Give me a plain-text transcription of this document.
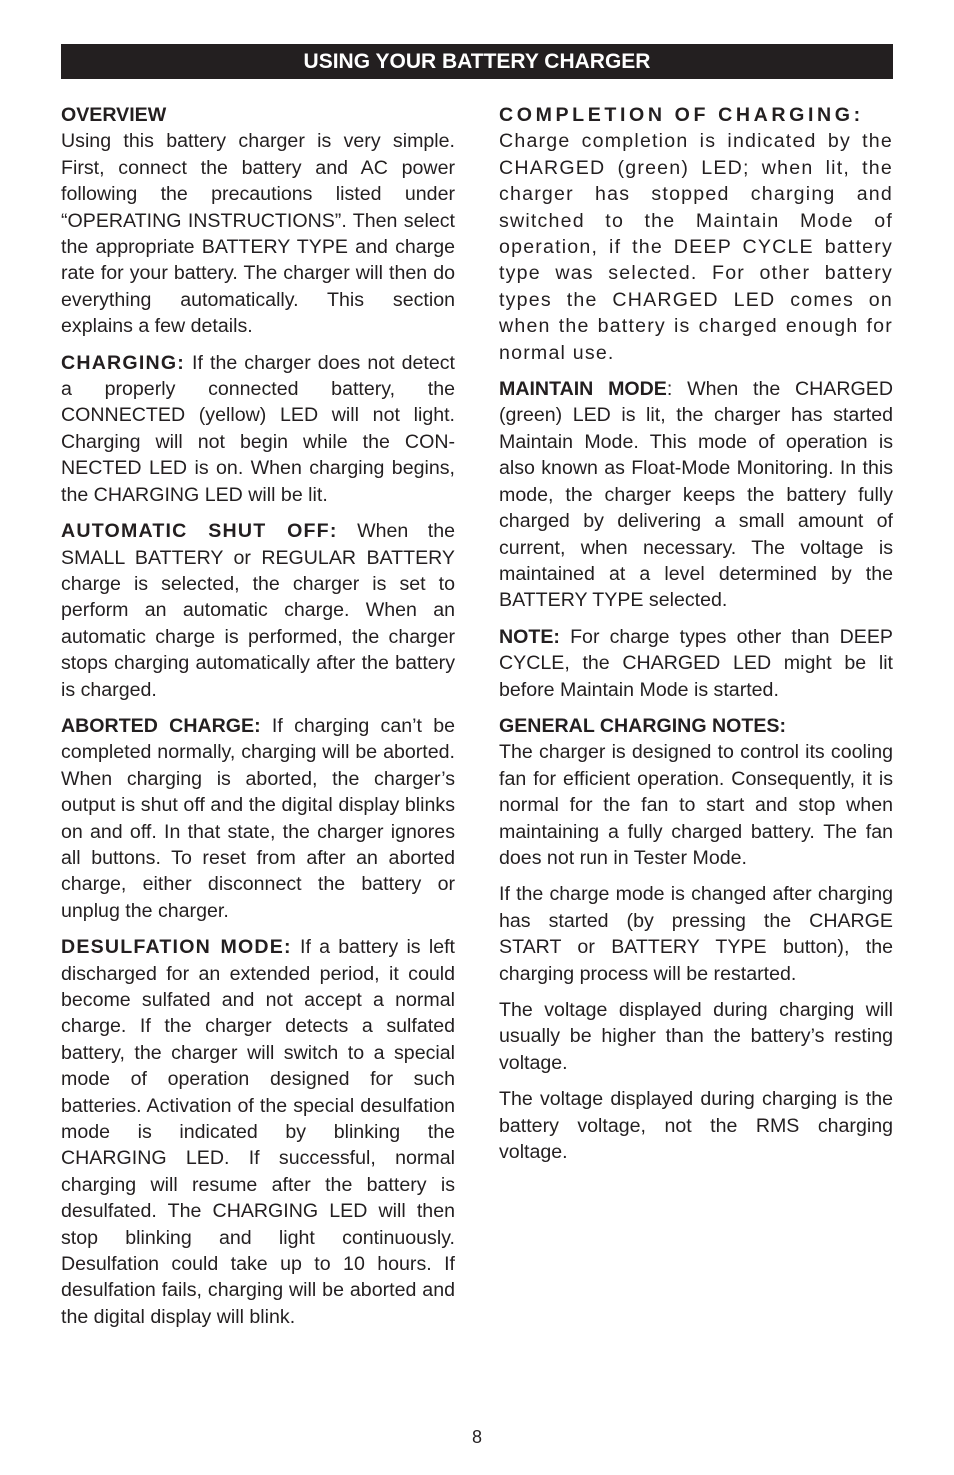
USING YOUR BATTERY CHARGER
OVERVIEW

Using this battery charger is very simple. First, connect the battery and AC power following the precautions listed under “OPERATING INSTRUCTIONS”. Then select the appropriate BATTERY TYPE and charge rate for your battery. The charger will then do everything automatically. This section explains a few details.

CHARGING: If the charger does not detect a properly connected battery, the CONNECTED (yellow) LED will not light. Charging will not begin while the CONNECTED LED is on. When charging begins, the CHARGING LED will be lit.

AUTOMATIC SHUT OFF: When the SMALL BATTERY or REGULAR BATTERY charge is selected, the charger is set to perform an automatic charge. When an automatic charge is performed, the charger stops charging automatically after the battery is charged.

ABORTED CHARGE: If charging can’t be completed normally, charging will be aborted. When charging is aborted, the charger’s output is shut off and the digital display blinks on and off. In that state, the charger ignores all buttons. To reset from after an aborted charge, either disconnect the battery or unplug the charger.

DESULFATION MODE: If a battery is left discharged for an extended period, it could become sulfated and not accept a normal charge. If the charger detects a sulfated battery, the charger will switch to a special mode of operation designed for such batteries. Activation of the special desulfation mode is indicated by blinking the CHARGING LED. If successful, normal charging will resume after the battery is desulfated. The CHARGING LED will then stop blinking and light continuously. Desulfation could take up to 10 hours. If desulfation fails, charging will be aborted and the digital display will blink.

COMPLETION OF CHARGING:

Charge completion is indicated by the CHARGED (green) LED; when lit, the charger has stopped charging and switched to the Maintain Mode of operation, if the DEEP CYCLE battery type was selected. For other battery types the CHARGED LED comes on when the battery is charged enough for normal use.

MAINTAIN MODE: When the CHARGED (green) LED is lit, the charger has started Maintain Mode. This mode of operation is also known as Float-Mode Monitoring. In this mode, the charger keeps the battery fully charged by delivering a small amount of current, when necessary. The voltage is maintained at a level determined by the BATTERY TYPE selected.

NOTE: For charge types other than DEEP CYCLE, the CHARGED LED might be lit before Maintain Mode is started.

GENERAL CHARGING NOTES:

The charger is designed to control its cooling fan for efficient operation. Consequently, it is normal for the fan to start and stop when maintaining a fully charged battery. The fan does not run in Tester Mode.

If the charge mode is changed after charging has started (by pressing the CHARGE START or BATTERY TYPE button), the charging process will be restarted.

The voltage displayed during charging will usually be higher than the battery’s resting voltage.

The voltage displayed during charging is the battery voltage, not the RMS charging voltage.

8
